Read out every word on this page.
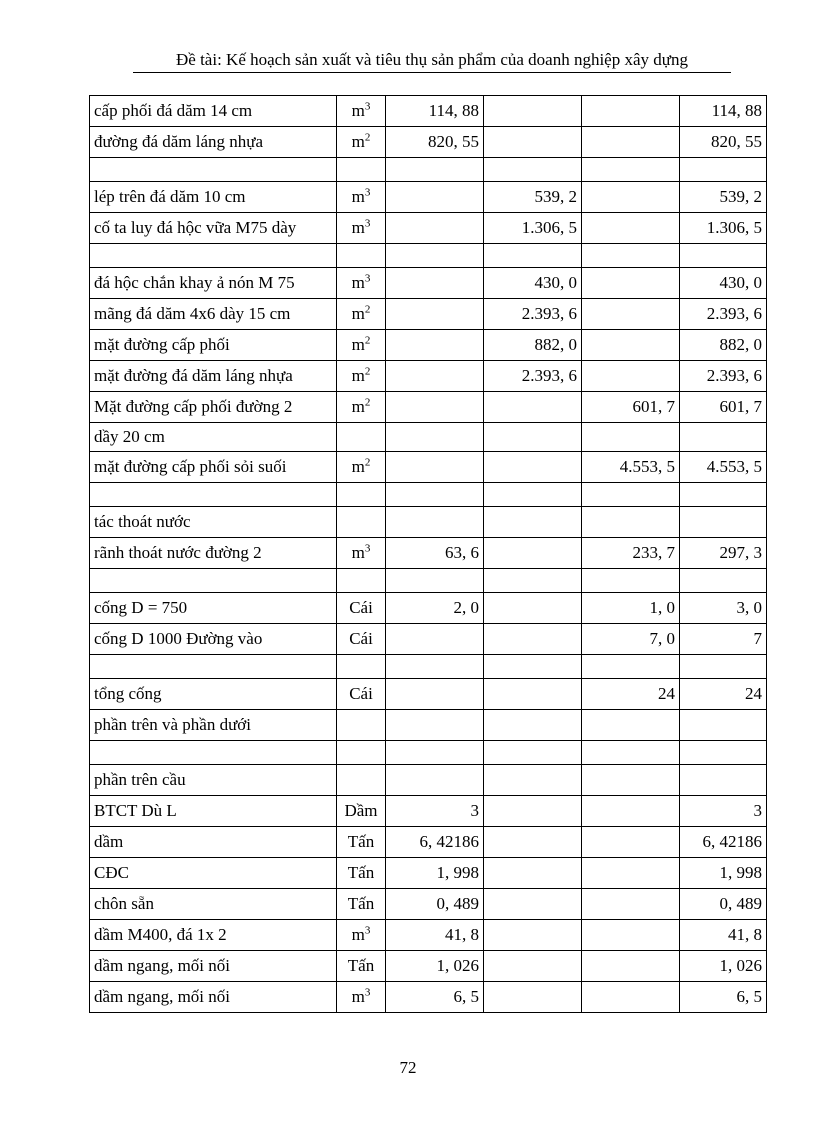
Đề tài: Kế hoạch sản xuất và tiêu thụ sản phẩm của doanh nghiệp xây dựng
cấp phối đá dăm 14 cm	$m^3$	114, 88			114, 88
đường đá dăm láng nhựa	$m^2$	820, 55			820, 55

lép trên đá dăm 10 cm	$m^3$		539, 2		539, 2
cố ta luy đá hộc vữa M75 dày	$m^3$		1.306, 5		1.306, 5

đá hộc chắn khay ả nón M 75	$m^3$		430, 0		430, 0
mãng đá dăm 4x6 dày 15 cm	$m^2$		2.393, 6		2.393, 6
mặt đường cấp phối	$m^2$		882, 0		882, 0
mặt đường đá dăm láng nhựa	$m^2$		2.393, 6		2.393, 6
Mặt đường cấp phối đường 2	$m^2$			601, 7	601, 7
dầy 20 cm					
mặt đường cấp phối sỏi suối	$m^2$			4.553, 5	4.553, 5

tác thoát nước					
rãnh thoát nước đường 2	$m^3$	63, 6		233, 7	297, 3

cống D = 750	Cái	2, 0		1, 0	3, 0
cống D 1000 Đường vào	Cái			7, 0	7

tổng cống	Cái			24	24
phần trên và phần dưới					

phần trên cầu					
BTCT Dù L	Dầm	3			3
dầm	Tấn	6, 42186			6, 42186
CĐC	Tấn	1, 998			1, 998
chôn sẵn	Tấn	0, 489			0, 489
dầm M400, đá 1x 2	$m^3$	41, 8			41, 8
dầm ngang, mối nối	Tấn	1, 026			1, 026
dầm ngang, mối nối	$m^3$	6, 5			6, 5
72
